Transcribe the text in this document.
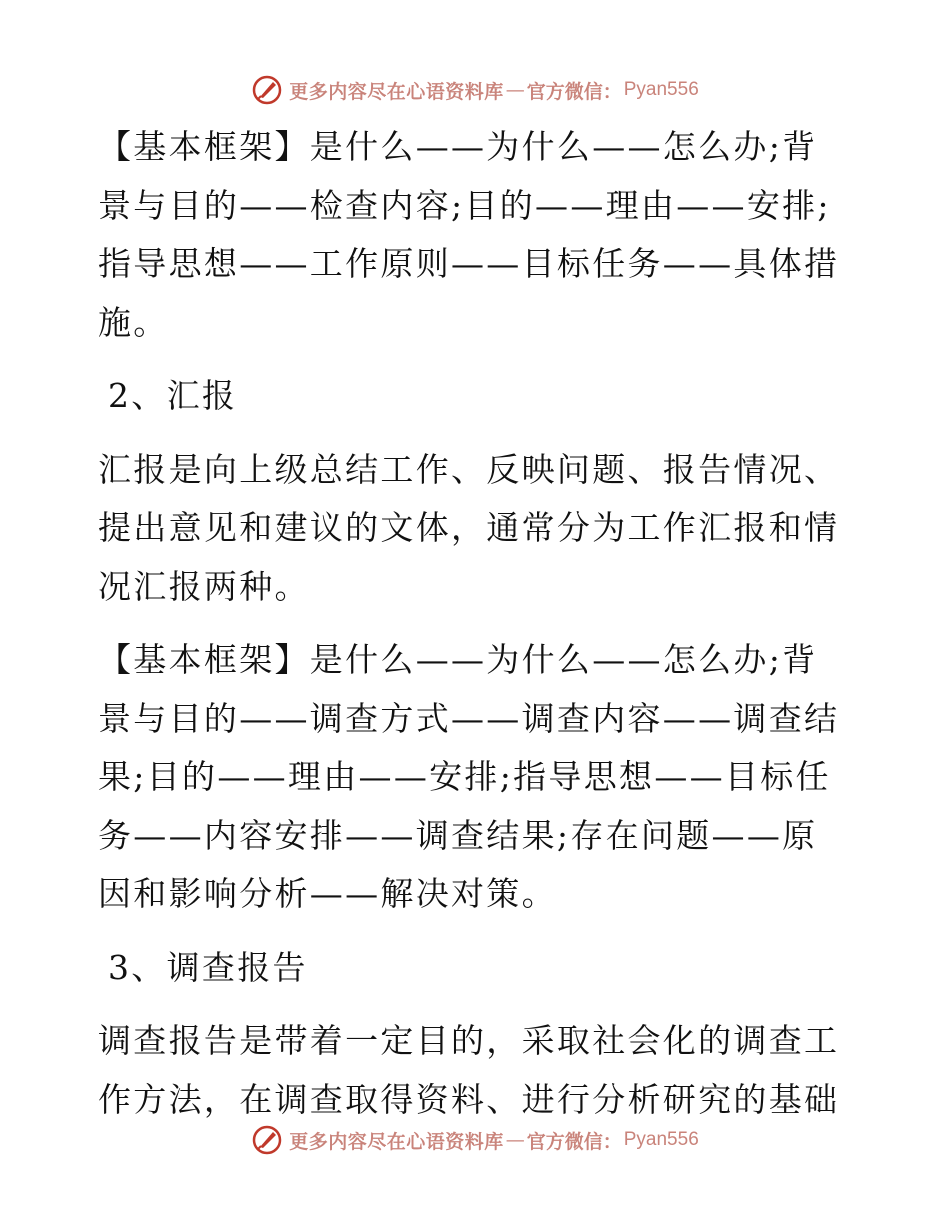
更多内容尽在心语资料库 — 官方微信： Pyan556

【基本框架】是什么——为什么——怎么办;背景与目的——检查内容;目的——理由——安排;指导思想——工作原则——目标任务——具体措施。

2、汇报

汇报是向上级总结工作、反映问题、报告情况、提出意见和建议的文体，通常分为工作汇报和情况汇报两种。

【基本框架】是什么——为什么——怎么办;背景与目的——调查方式——调查内容——调查结果;目的——理由——安排;指导思想——目标任务——内容安排——调查结果;存在问题——原因和影响分析——解决对策。

3、调查报告

调查报告是带着一定目的，采取社会化的调查工作方法，在调查取得资料、进行分析研究的基础

更多内容尽在心语资料库 — 官方微信： Pyan556
